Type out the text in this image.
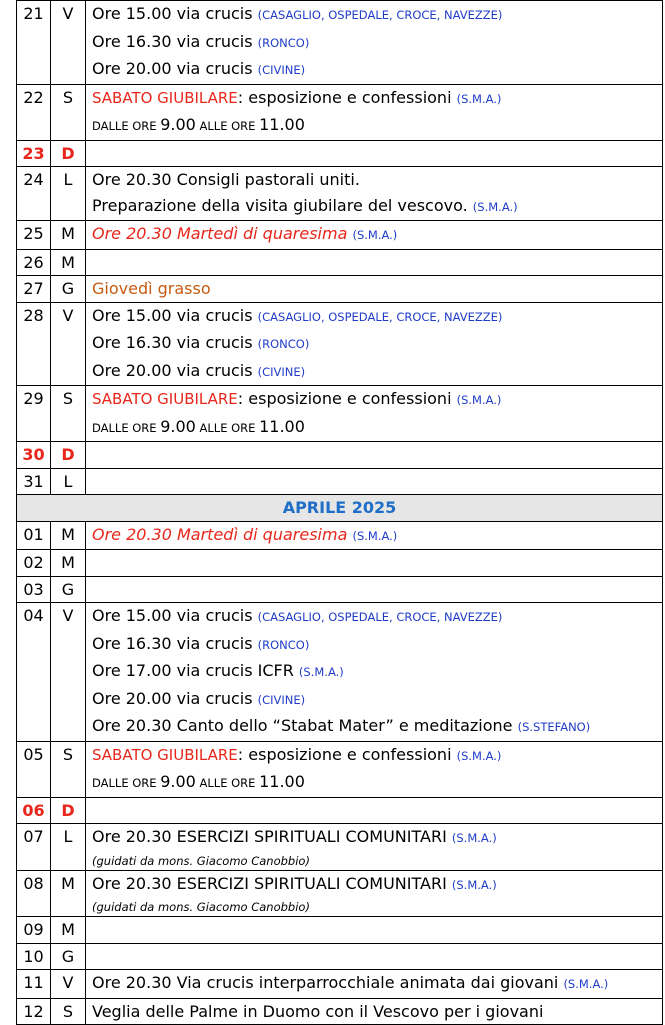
21	V	Ore 15.00 via crucis (CASAGLIO, OSPEDALE, CROCE, NAVEZZE)
Ore 16.30 via crucis (RONCO)
Ore 20.00 via crucis (CIVINE)

22	S	SABATO GIUBILARE: esposizione e confessioni (S.M.A.)
DALLE ORE 9.00 ALLE ORE 11.00

23	D	

24	L	Ore 20.30 Consigli pastorali uniti.
Preparazione della visita giubilare del vescovo. (S.M.A.)

25	M	Ore 20.30 Martedì di quaresima (S.M.A.)

26	M	

27	G	Giovedì grasso

28	V	Ore 15.00 via crucis (CASAGLIO, OSPEDALE, CROCE, NAVEZZE)
Ore 16.30 via crucis (RONCO)
Ore 20.00 via crucis (CIVINE)

29	S	SABATO GIUBILARE: esposizione e confessioni (S.M.A.)
DALLE ORE 9.00 ALLE ORE 11.00

30	D	

31	L	

APRILE 2025		
01	M	Ore 20.30 Martedì di quaresima (S.M.A.)

02	M	

03	G	

04	V	Ore 15.00 via crucis (CASAGLIO, OSPEDALE, CROCE, NAVEZZE)
Ore 16.30 via crucis (RONCO)
Ore 17.00 via crucis ICFR (S.M.A.)
Ore 20.00 via crucis (CIVINE)
Ore 20.30 Canto dello “Stabat Mater” e meditazione (S.STEFANO)

05	S	SABATO GIUBILARE: esposizione e confessioni (S.M.A.)
DALLE ORE 9.00 ALLE ORE 11.00

06	D	

07	L	Ore 20.30 ESERCIZI SPIRITUALI COMUNITARI (S.M.A.)
(guidati da mons. Giacomo Canobbio)

08	M	Ore 20.30 ESERCIZI SPIRITUALI COMUNITARI (S.M.A.)
(guidati da mons. Giacomo Canobbio)

09	M	

10	G	

11	V	Ore 20.30 Via crucis interparrocchiale animata dai giovani (S.M.A.)

12	S	Veglia delle Palme in Duomo con il Vescovo per i giovani
